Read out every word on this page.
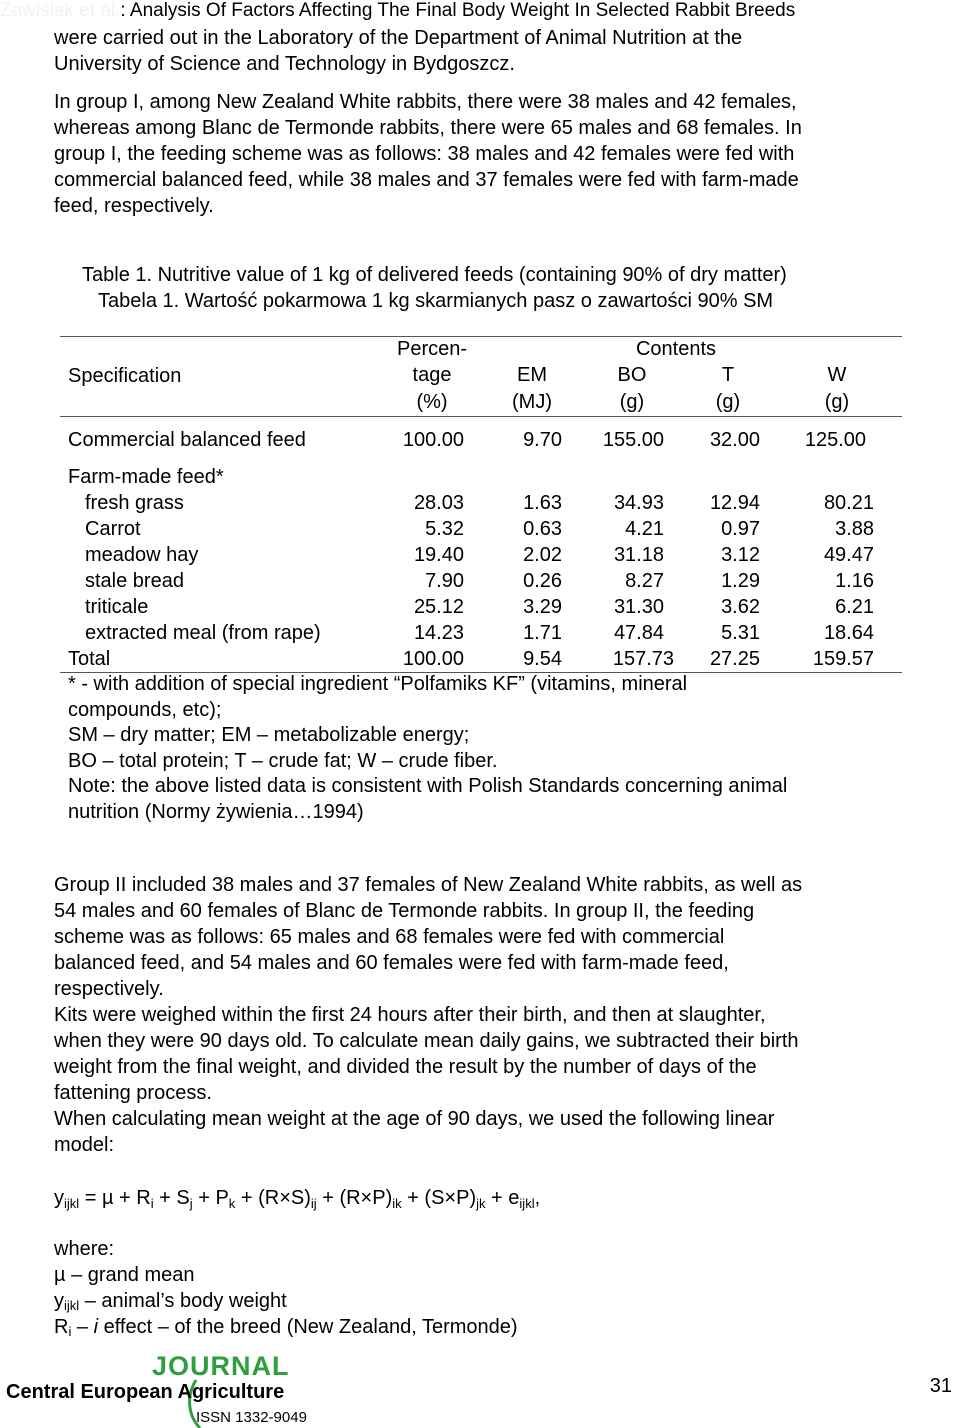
Zawiślak et al.: Analysis Of Factors Affecting The Final Body Weight In Selected Rabbit Breeds
were carried out in the Laboratory of the Department of Animal Nutrition at the
University of Science and Technology in Bydgoszcz.
In group I, among New Zealand White rabbits, there were 38 males and 42 females,
whereas among Blanc de Termonde rabbits, there were 65 males and 68 females. In
group I, the feeding scheme was as follows: 38 males and 42 females were fed with
commercial balanced feed, while 38 males and 37 females were fed with farm-made
feed, respectively.
Table 1. Nutritive value of 1 kg of delivered feeds (containing 90% of dry matter)
Tabela 1. Wartość pokarmowa 1 kg skarmianych pasz o zawartości 90% SM
Specification	Percen-		Contents		
	tage	EM	BO	T	W
	(%)	(MJ)	(g)	(g)	(g)
Commercial balanced feed	100.00	9.70	155.00	32.00	125.00
Farm-made feed*					
fresh grass	28.03	1.63	34.93	12.94	80.21
Carrot	5.32	0.63	4.21	0.97	3.88
meadow hay	19.40	2.02	31.18	3.12	49.47
stale bread	7.90	0.26	8.27	1.29	1.16
triticale	25.12	3.29	31.30	3.62	6.21
extracted meal (from rape)	14.23	1.71	47.84	5.31	18.64
Total	100.00	9.54	157.73	27.25	159.57
* - with addition of special ingredient “Polfamiks KF” (vitamins, mineral
compounds, etc);
SM – dry matter; EM – metabolizable energy;
BO – total protein; T – crude fat; W – crude fiber.
Note: the above listed data is consistent with Polish Standards concerning animal
nutrition (Normy żywienia…1994)
Group II included 38 males and 37 females of New Zealand White rabbits, as well as
54 males and 60 females of Blanc de Termonde rabbits. In group II, the feeding
scheme was as follows: 65 males and 68 females were fed with commercial
balanced feed, and 54 males and 60 females were fed with farm-made feed,
respectively.
Kits were weighed within the first 24 hours after their birth, and then at slaughter,
when they were 90 days old. To calculate mean daily gains, we subtracted their birth
weight from the final weight, and divided the result by the number of days of the
fattening process.
When calculating mean weight at the age of 90 days, we used the following linear
model:
$y_{ijkl} = \mu + R_i + S_j + P_k + (R\times S)_{ij} + (R\times P)_{ik} + (S\times P)_{jk} + e_{ijkl}$,
where:
µ – grand mean
$y_{ijkl}$ – animal’s body weight
$R_i$ – i effect – of the breed (New Zealand, Termonde)
JOURNAL
Central European Agriculture
ISSN 1332-9049
31
